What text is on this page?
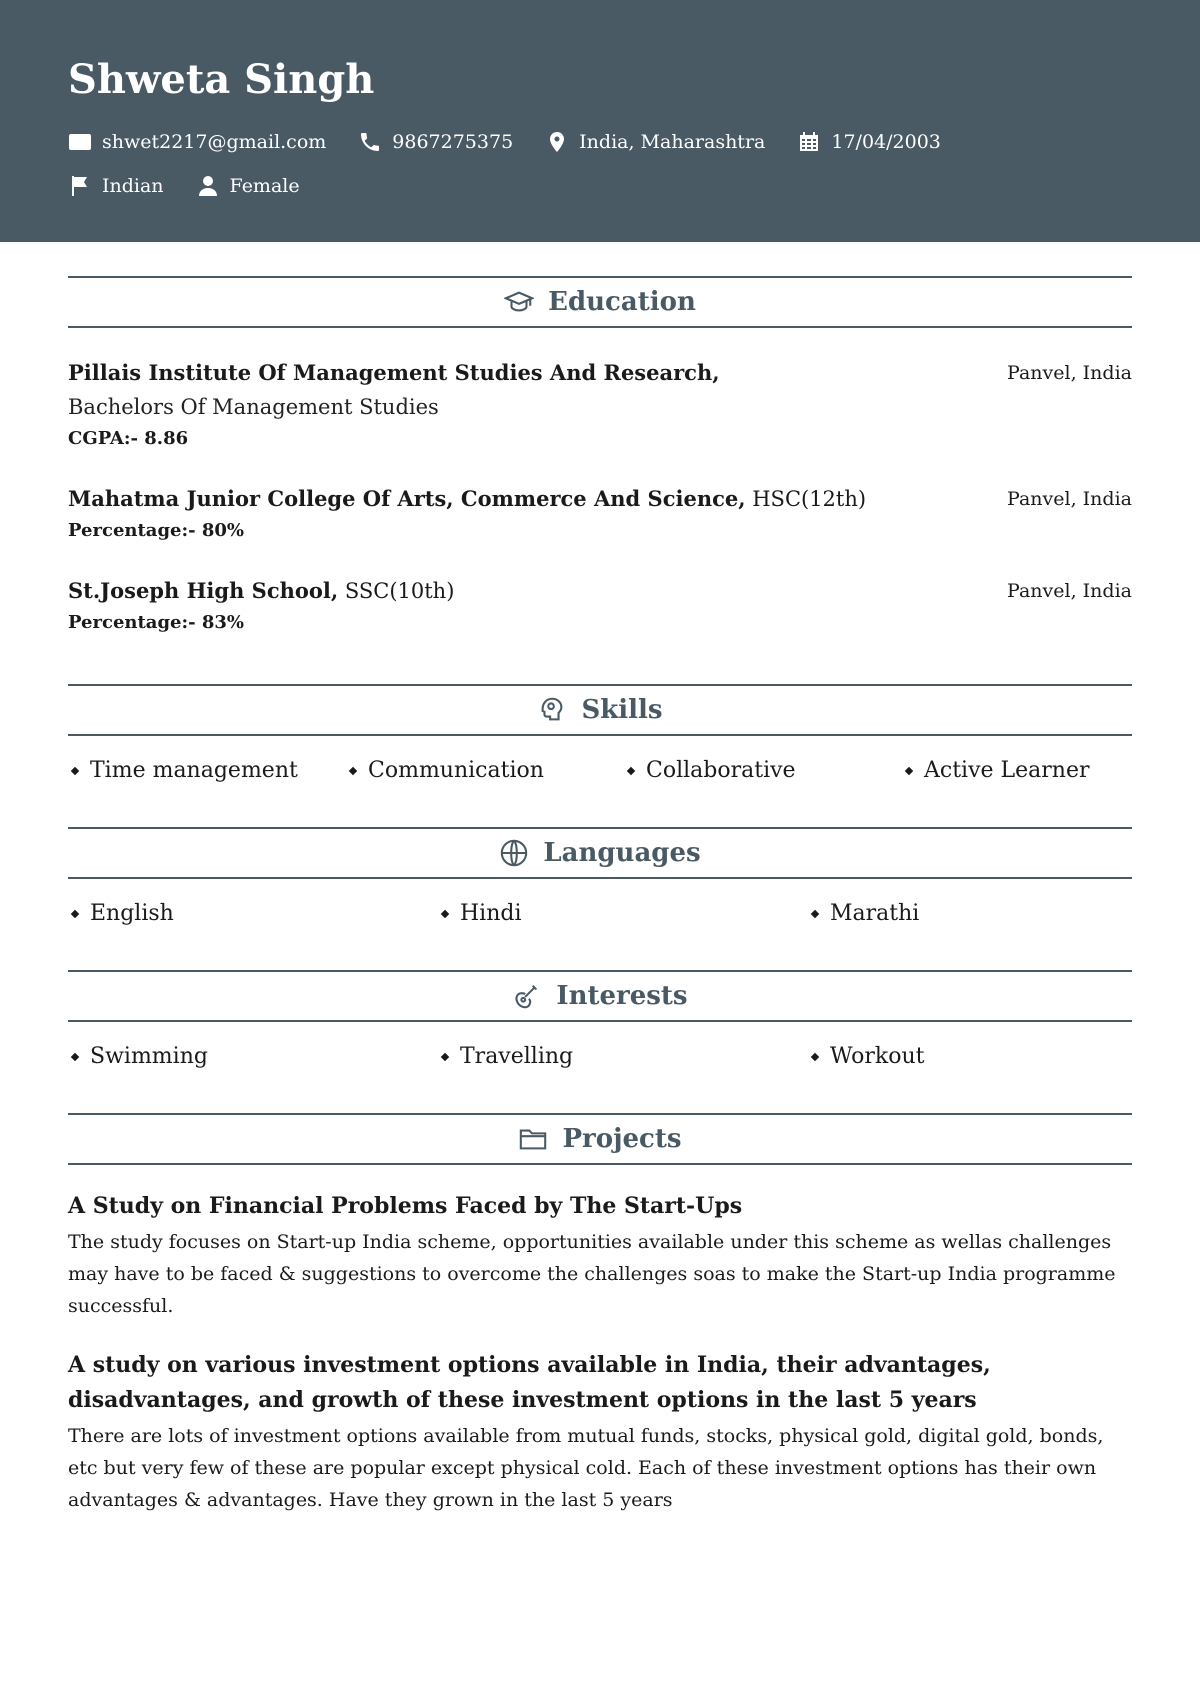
Shweta Singh
shwet2217@gmail.com	9867275375	India, Maharashtra	17/04/2003
Indian	Female
Education
Pillais Institute Of Management Studies And Research,	Panvel, India
Bachelors Of Management Studies
CGPA:- 8.86
Mahatma Junior College Of Arts, Commerce And Science, HSC(12th)	Panvel, India
Percentage:- 80%
St.Joseph High School, SSC(10th)	Panvel, India
Percentage:- 83%
Skills
Time management	Communication	Collaborative	Active Learner
Languages
English	Hindi	Marathi
Interests
Swimming	Travelling	Workout
Projects
A Study on Financial Problems Faced by The Start-Ups
The study focuses on Start-up India scheme, opportunities available under this scheme as wellas challenges may have to be faced & suggestions to overcome the challenges soas to make the Start-up India programme successful.
A study on various investment options available in India, their advantages, disadvantages, and growth of these investment options in the last 5 years
There are lots of investment options available from mutual funds, stocks, physical gold, digital gold, bonds, etc but very few of these are popular except physical cold. Each of these investment options has their own advantages & advantages. Have they grown in the last 5 years
